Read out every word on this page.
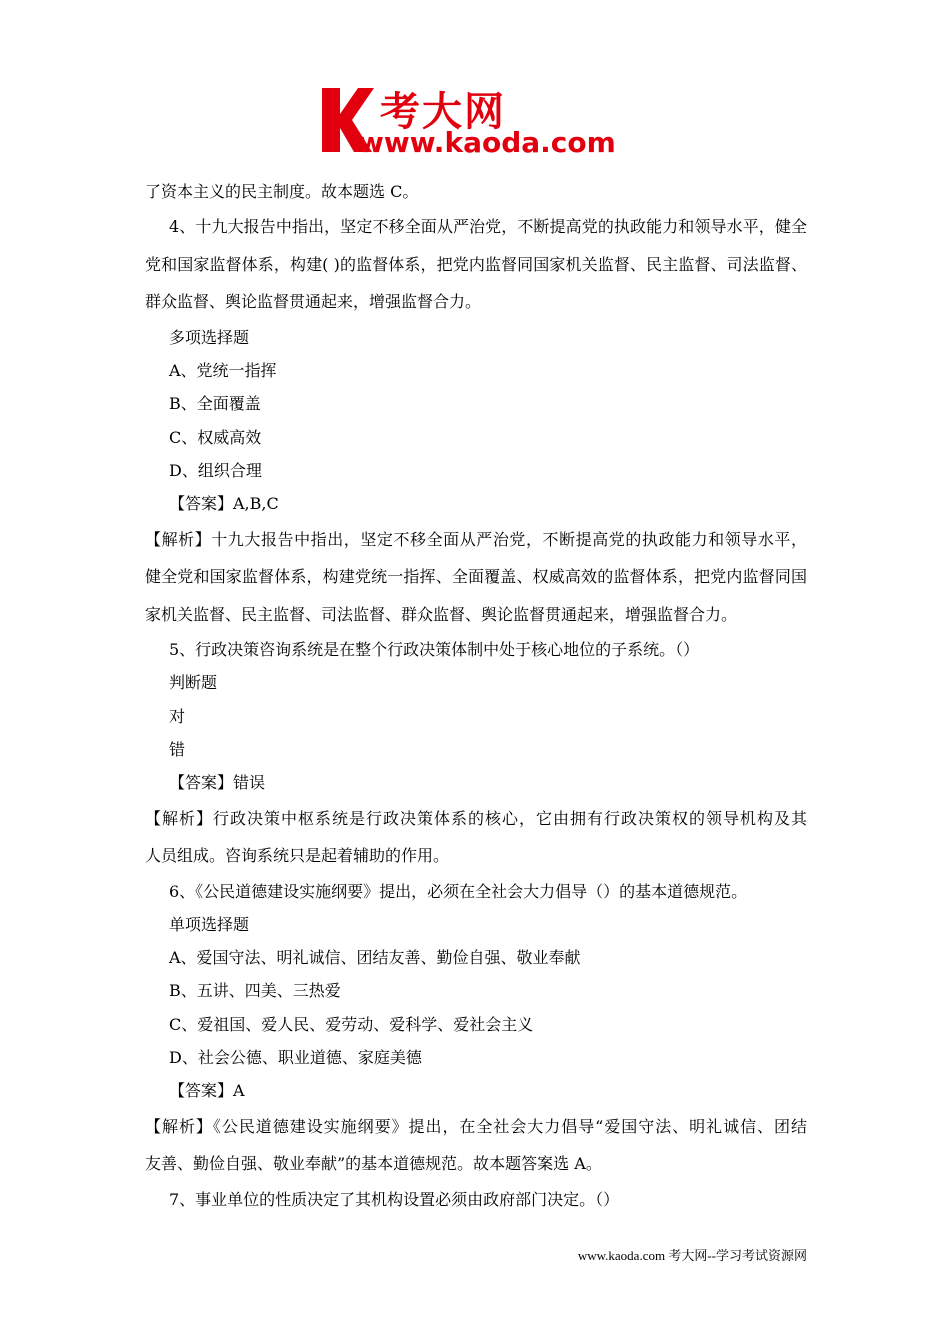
考大网
www.kaoda.com
了资本主义的民主制度。故本题选 C。
4、十九大报告中指出，坚定不移全面从严治党，不断提高党的执政能力和领导水平，健全
党和国家监督体系，构建( )的监督体系，把党内监督同国家机关监督、民主监督、司法监督、
群众监督、舆论监督贯通起来，增强监督合力。
多项选择题
A、党统一指挥
B、全面覆盖
C、权威高效
D、组织合理
【答案】A,B,C
【解析】十九大报告中指出，坚定不移全面从严治党，不断提高党的执政能力和领导水平，
健全党和国家监督体系，构建党统一指挥、全面覆盖、权威高效的监督体系，把党内监督同国
家机关监督、民主监督、司法监督、群众监督、舆论监督贯通起来，增强监督合力。
5、行政决策咨询系统是在整个行政决策体制中处于核心地位的子系统。（）
判断题
对
错
【答案】错误
【解析】行政决策中枢系统是行政决策体系的核心，它由拥有行政决策权的领导机构及其
人员组成。咨询系统只是起着辅助的作用。
6、《公民道德建设实施纲要》提出，必须在全社会大力倡导（）的基本道德规范。
单项选择题
A、爱国守法、明礼诚信、团结友善、勤俭自强、敬业奉献
B、五讲、四美、三热爱
C、爱祖国、爱人民、爱劳动、爱科学、爱社会主义
D、社会公德、职业道德、家庭美德
【答案】A
【解析】《公民道德建设实施纲要》提出，在全社会大力倡导“爱国守法、明礼诚信、团结
友善、勤俭自强、敬业奉献”的基本道德规范。故本题答案选 A。
7、事业单位的性质决定了其机构设置必须由政府部门决定。（）
www.kaoda.com 考大网--学习考试资源网
